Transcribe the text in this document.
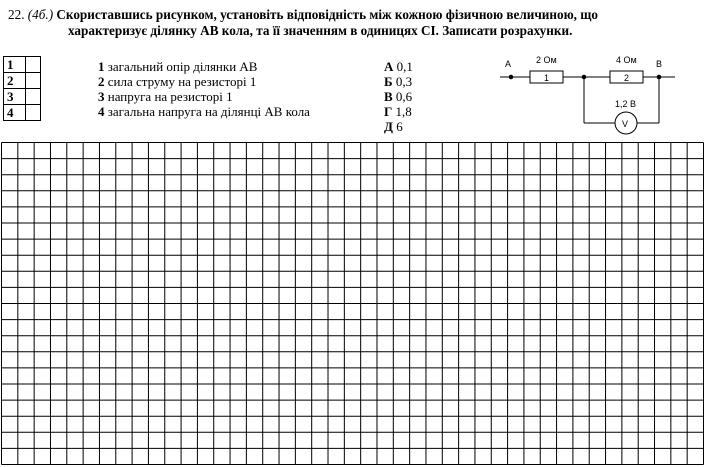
22. (4б.) Скориставшись рисунком, установіть відповідність між кожною фізичною величиною, що
характеризує ділянку АВ кола, та її значенням в одиницях СІ. Записати розрахунки.
1	
2	
3	
4	
1 загальний опір ділянки АВ
2 сила струму на резисторі 1
3 напруга на резисторі 1
4 загальна напруга на ділянці АВ кола
А 0,1
Б 0,3
В 0,6
Г 1,8
Д 6
A	B
2 Ом
1
4 Ом
2
1,2 В
V
